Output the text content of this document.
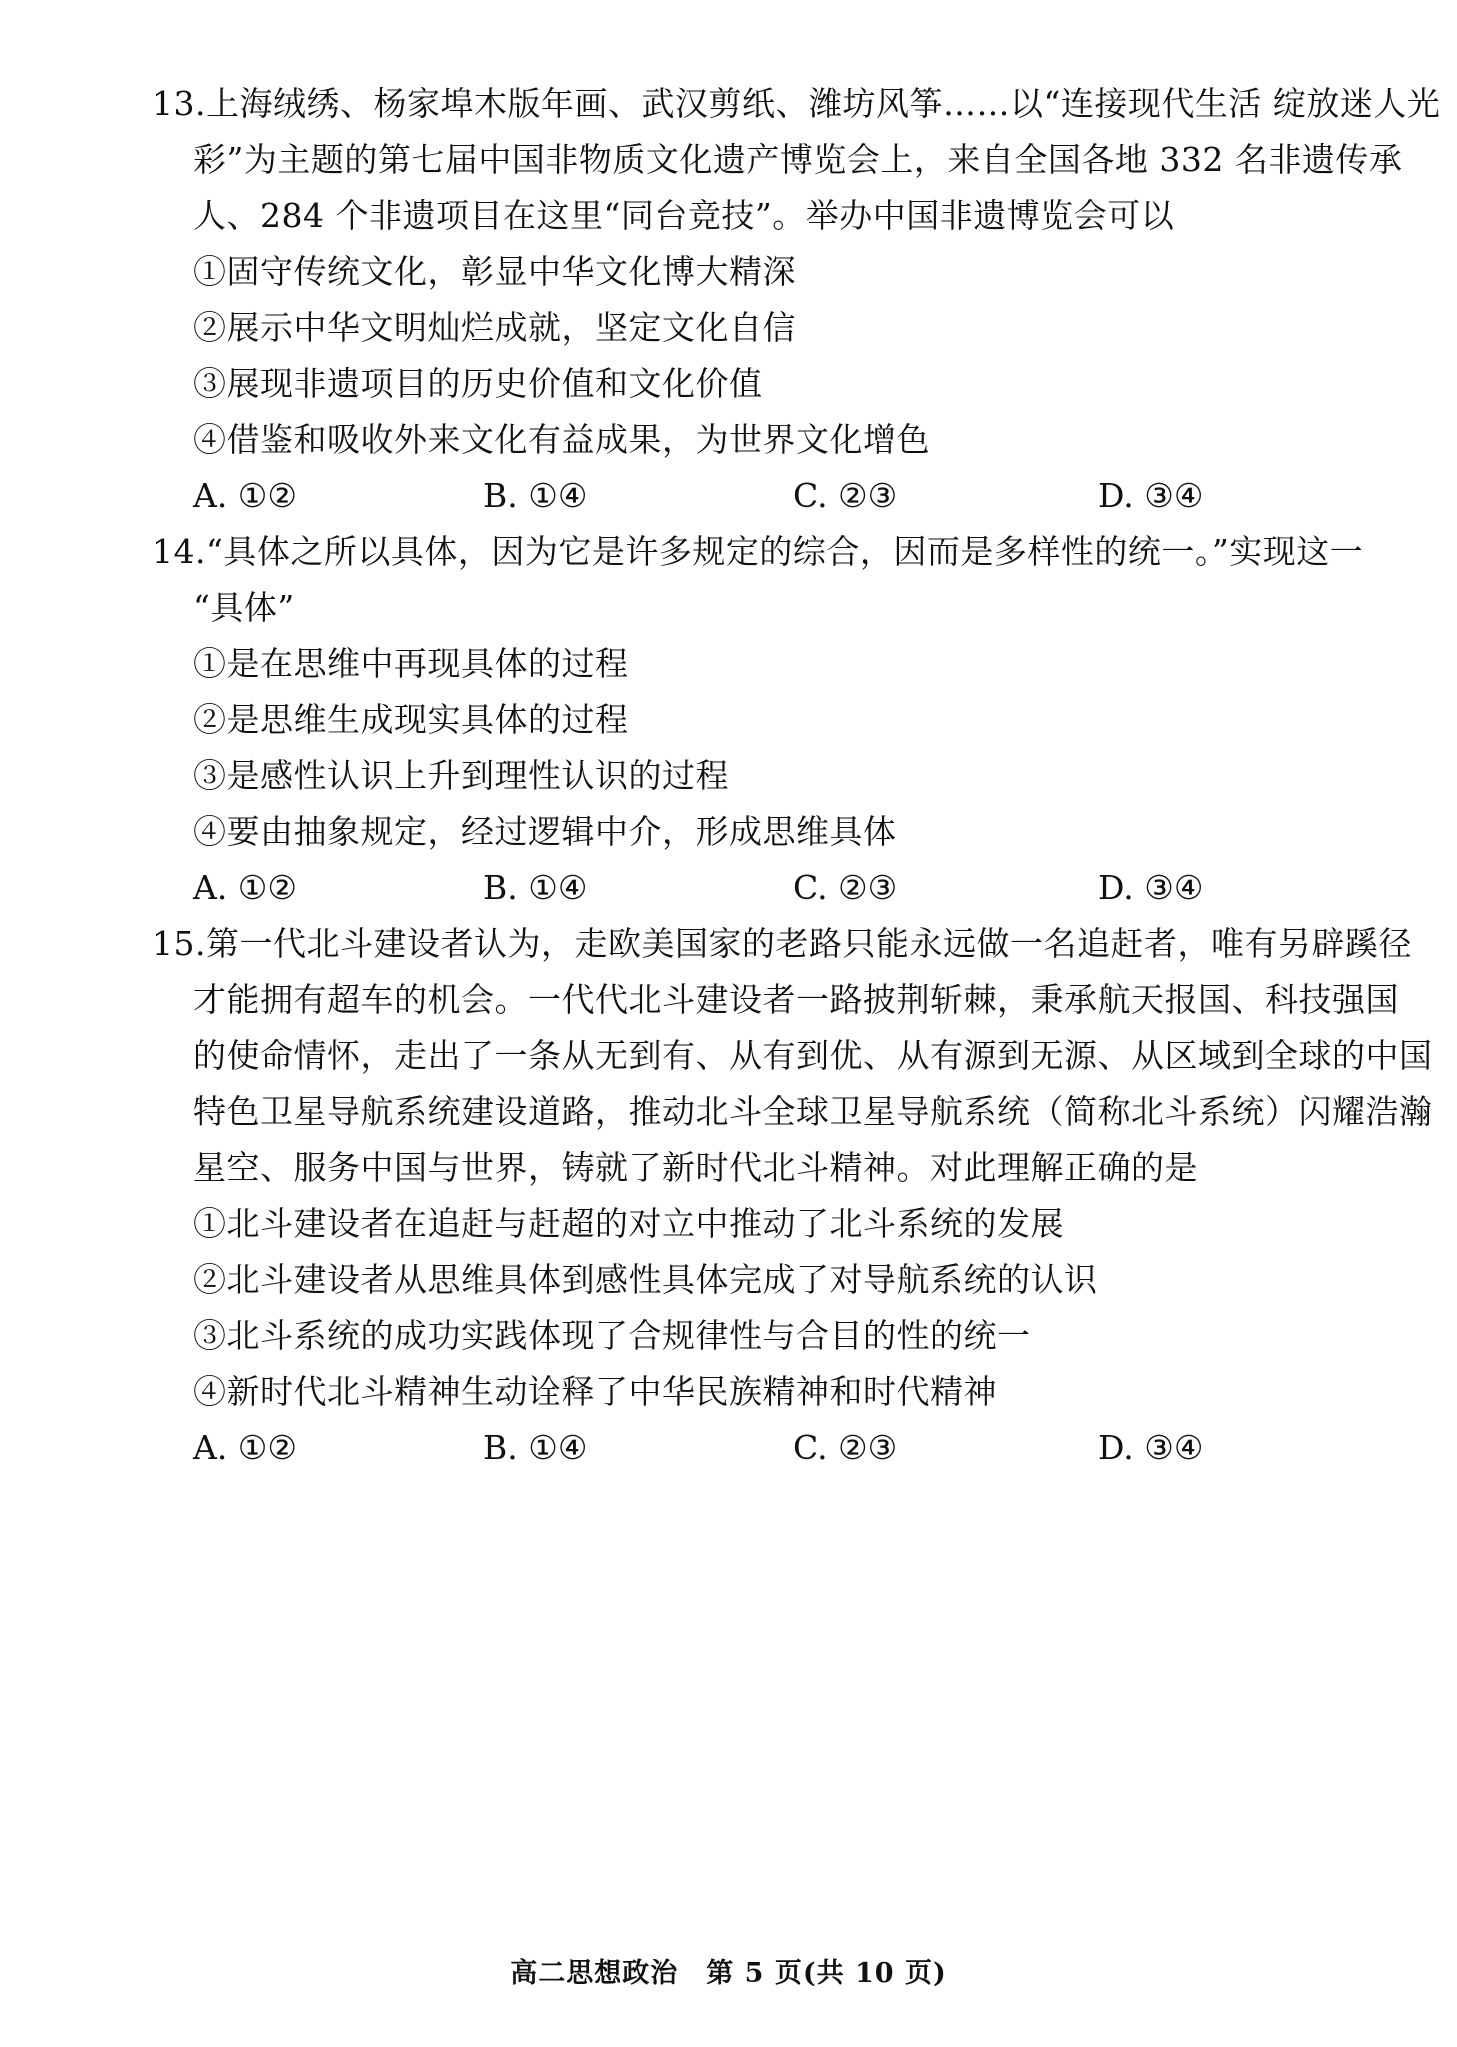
13.上海绒绣、杨家埠木版年画、武汉剪纸、潍坊风筝……以“连接现代生活 绽放迷人光
彩”为主题的第七届中国非物质文化遗产博览会上，来自全国各地 332 名非遗传承
人、284 个非遗项目在这里“同台竞技”。举办中国非遗博览会可以
①固守传统文化，彰显中华文化博大精深
②展示中华文明灿烂成就，坚定文化自信
③展现非遗项目的历史价值和文化价值
④借鉴和吸收外来文化有益成果，为世界文化增色
A. ①②	B. ①④	C. ②③	D. ③④
14.“具体之所以具体，因为它是许多规定的综合，因而是多样性的统一。”实现这一
“具体”
①是在思维中再现具体的过程
②是思维生成现实具体的过程
③是感性认识上升到理性认识的过程
④要由抽象规定，经过逻辑中介，形成思维具体
A. ①②	B. ①④	C. ②③	D. ③④
15.第一代北斗建设者认为，走欧美国家的老路只能永远做一名追赶者，唯有另辟蹊径
才能拥有超车的机会。一代代北斗建设者一路披荆斩棘，秉承航天报国、科技强国
的使命情怀，走出了一条从无到有、从有到优、从有源到无源、从区域到全球的中国
特色卫星导航系统建设道路，推动北斗全球卫星导航系统（简称北斗系统）闪耀浩瀚
星空、服务中国与世界，铸就了新时代北斗精神。对此理解正确的是
①北斗建设者在追赶与赶超的对立中推动了北斗系统的发展
②北斗建设者从思维具体到感性具体完成了对导航系统的认识
③北斗系统的成功实践体现了合规律性与合目的性的统一
④新时代北斗精神生动诠释了中华民族精神和时代精神
A. ①②	B. ①④	C. ②③	D. ③④
高二思想政治　第 5 页(共 10 页)
